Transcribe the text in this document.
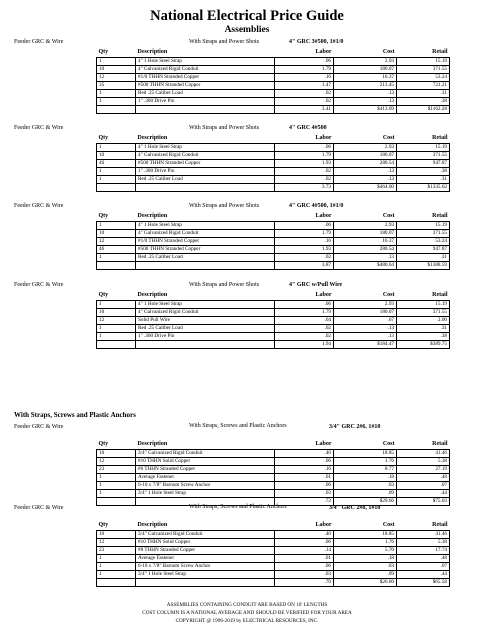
National Electrical Price Guide
Assemblies
Feeder GRC & Wire	With Straps and Power Shots	4" GRC 3#500, 1#1/0
Qty	Description	Labor	Cost	Retail
1	4" 1 Hole Steel Strap	.06	2.93	15.19
10	4" Galvanized Rigid Conduit	1.79	180.07	371.55
12	#1/0 THHN Stranded Copper	.16	16.37	53.24
35	#500 THHN Stranded Copper	1.47	213.45	721.21
1	Red .25 Caliber Load	.02	.13	.31
1	1" .300 Drive Pin	.02	.13	.38
		3.41	$413.69	$1162.28
Feeder GRC & Wire	With Straps and Power Shots	4" GRC 4#500
Qty	Description	Labor	Cost	Retail
1	4" 1 Hole Steel Strap	.06	2.93	15.19
10	4" Galvanized Rigid Conduit	1.79	180.07	371.55
46	#500 THHN Stranded Copper	1.93	280.54	947.87
1	1" .300 Drive Pin	.02	.13	.38
1	Red .25 Caliber Load	.02	.13	.31
		3.73	$464.00	$1335.62
Feeder GRC & Wire	With Straps and Power Shots	4" GRC 4#500, 1#1/0
Qty	Description	Labor	Cost	Retail
1	4" 1 Hole Steel Strap	.06	2.93	15.19
10	4" Galvanized Rigid Conduit	1.79	180.07	371.55
12	#1/0 THHN Stranded Copper	.16	16.37	53.24
46	#500 THHN Stranded Copper	1.93	280.54	947.87
1	Red .25 Caliber Load	.02	.13	.31
		3.87	$480.64	$1388.59
Feeder GRC & Wire	With Straps and Power Shots	4" GRC w/Pull Wire
Qty	Description	Labor	Cost	Retail
1	4" 1 Hole Steel Strap	.06	2.93	15.19
10	4" Galvanized Rigid Conduit	1.79	180.07	371.55
12	Solid Pull Wire	.04	.67	2.00
1	Red .25 Caliber Load	.02	.13	.31
1	1" .300 Drive Pin	.02	.13	.38
		1.94	$184.47	$389.75
Feeder GRC & Wire	With Straps, Screws and Plastic Anchors	3/4" GRC 2#6, 1#10
Qty	Description	Labor	Cost	Retail
10	3/4" Galvanized Rigid Conduit	.40	18.85	41.46
12	#10 THHN Solid Copper	.06	1.76	5.38
23	#6 THHN Stranded Copper	.16	8.77	27.19
1	Average Fastener	.01	.18	.48
1	6-10 x 7/8" Barnum Screw Anchor	.06	.03	.07
1	3/4" 1 Hole Steel Strap	.03	.09	.44
		.72	$29.66	$75.03
Feeder GRC & Wire	With Straps, Screws and Plastic Anchors	3/4" GRC 2#8, 1#10
Qty	Description	Labor	Cost	Retail
10	3/4" Galvanized Rigid Conduit	.40	18.85	41.46
12	#10 THHN Solid Copper	.06	1.76	5.38
23	#8 THHN Stranded Copper	.14	5.70	17.74
1	Average Fastener	.01	.18	.48
1	6-10 x 7/8" Barnum Screw Anchor	.06	.03	.07
1	3/4" 1 Hole Steel Strap	.03	.09	.44
		.70	$26.60	$65.58
With Straps, Screws and Plastic Anchors
ASSEMBLIES CONTAINING CONDUIT ARE BASED ON 10' LENGTHS
COST COLUMN IS A NATIONAL AVERAGE AND SHOULD BE VERIFIED FOR YOUR AREA
COPYRIGHT @ 1996-2019 by ELECTRICAL RESOURCES, INC.
